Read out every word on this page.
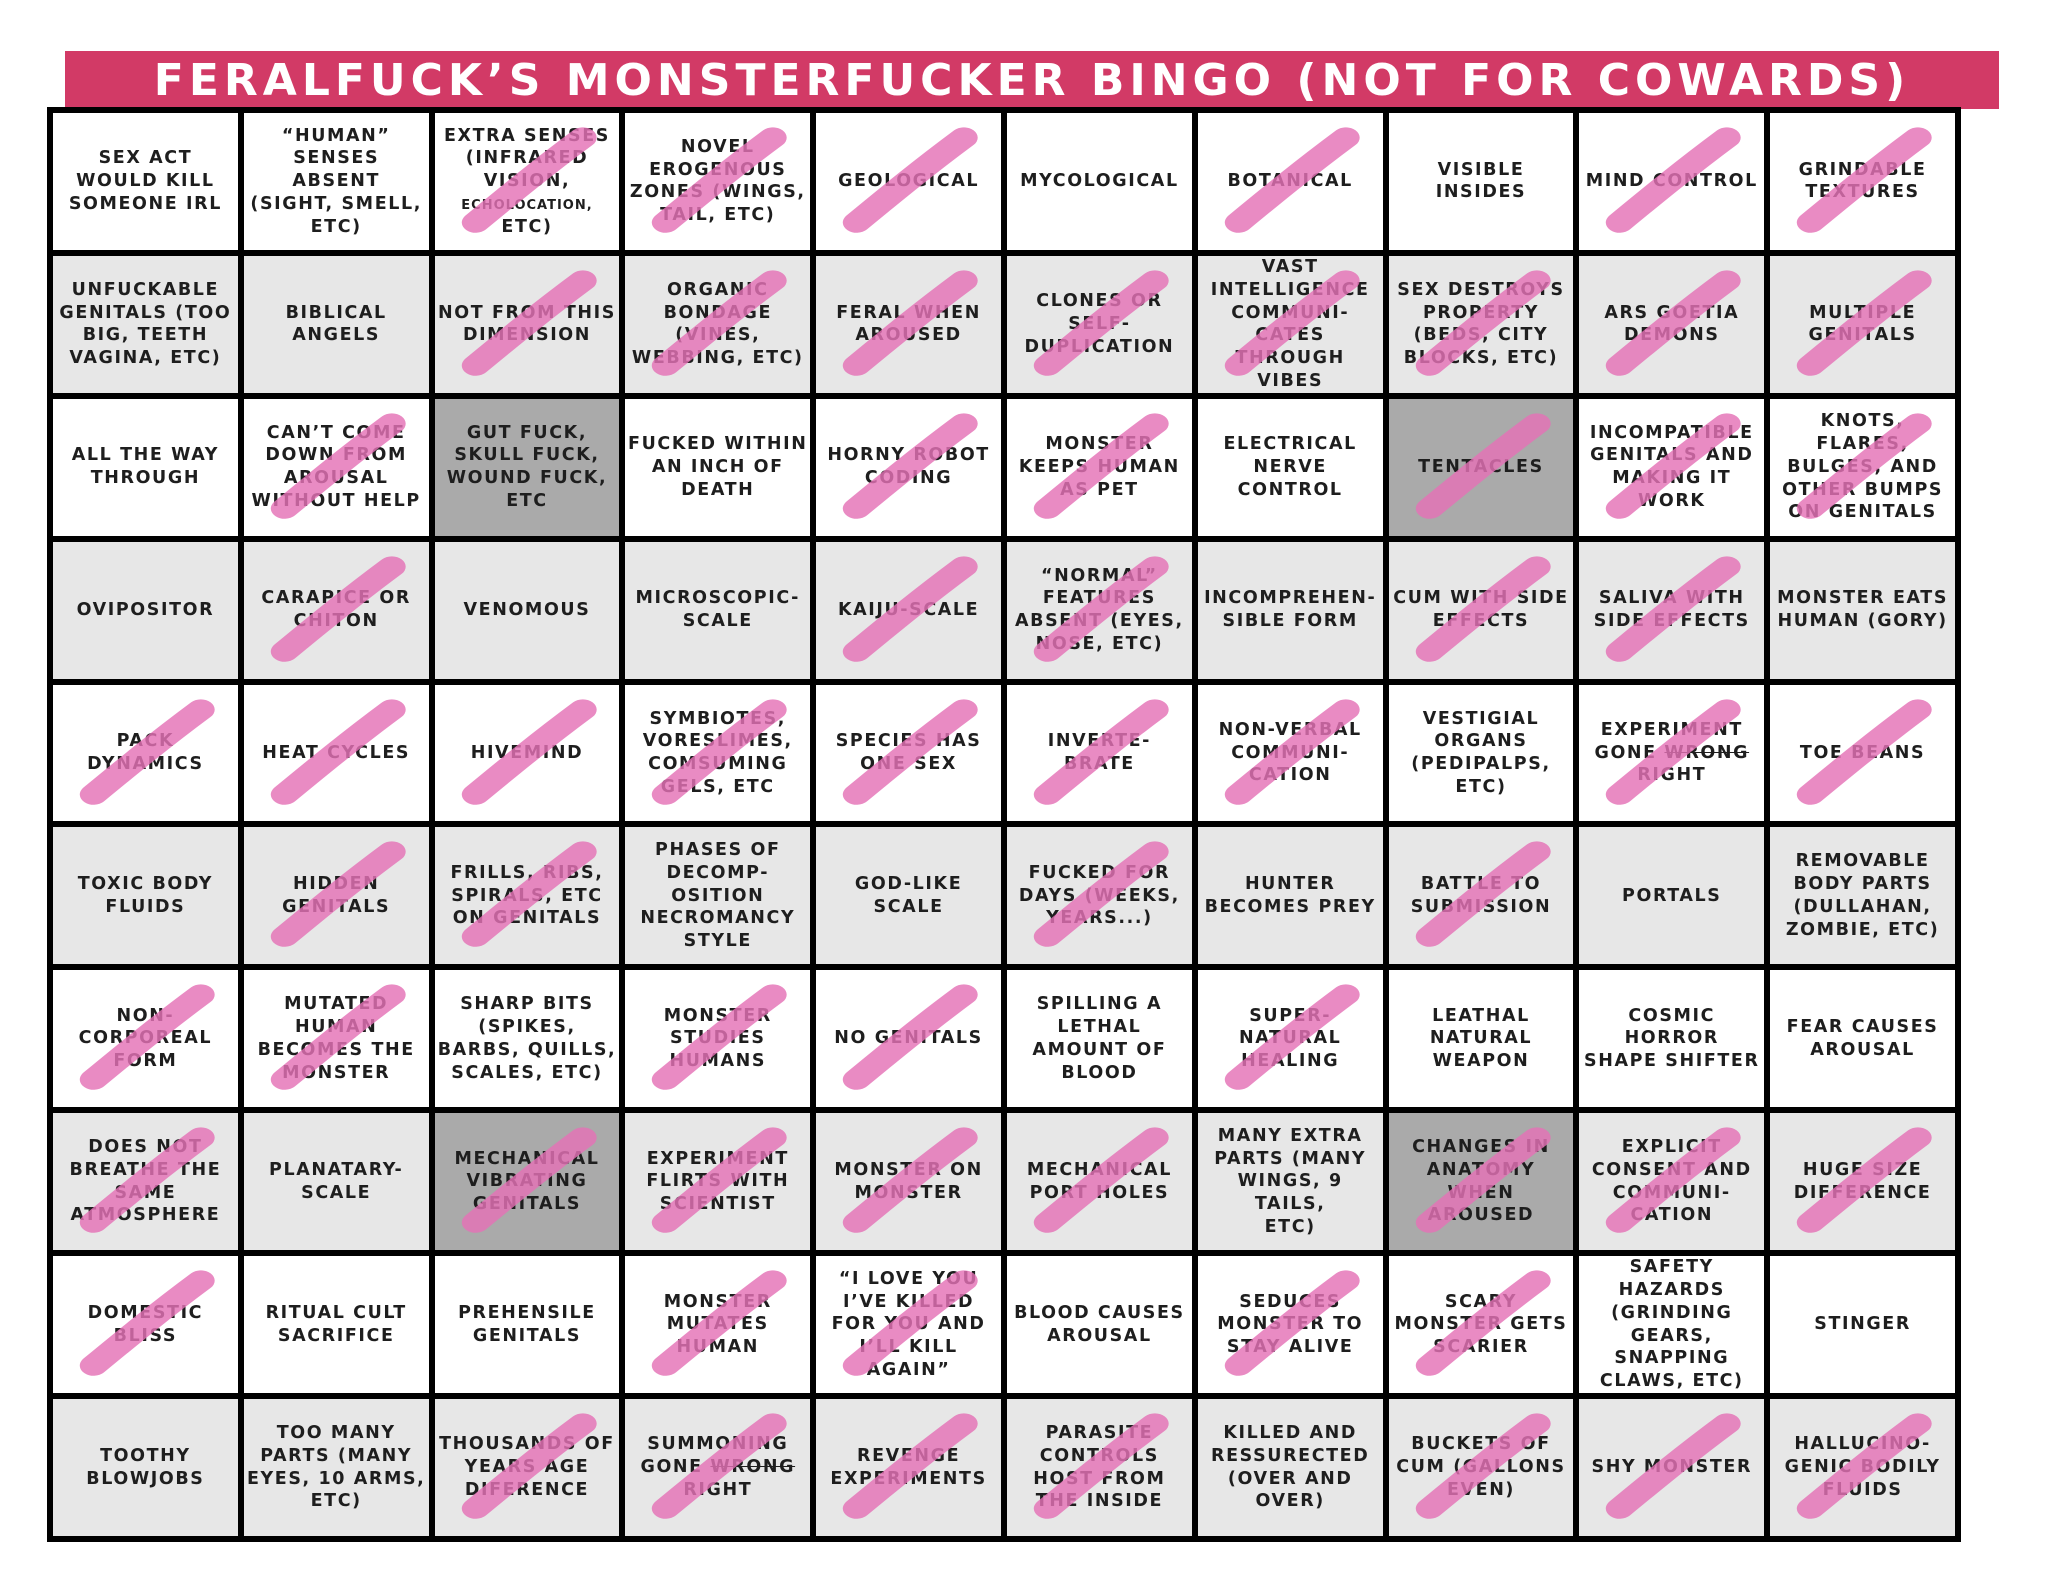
FERALFUCK’S MONSTERFUCKER BINGO (NOT FOR COWARDS)
SEX ACT
WOULD KILL
SOMEONE IRL
“HUMAN”
SENSES
ABSENT
(SIGHT, SMELL,
ETC)
EXTRA SENSES
(INFRARED
VISION,
ECHOLOCATION,
ETC)
NOVEL
EROGENOUS
ZONES (WINGS,
TAIL, ETC)
GEOLOGICAL MYCOLOGICAL	BOTANICAL
VISIBLE
INSIDES
MIND CONTROL
GRINDABLE
TEXTURES
UNFUCKABLE
GENITALS (TOO
BIG, TEETH
VAGINA, ETC)
BIBLICAL
ANGELS
NOT FROM THIS
DIMENSION
ORGANIC
BONDAGE
(VINES,
WEBBING, ETC)
FERAL WHEN
AROUSED
CLONES OR
SELF-
DUPLICATION
VAST
INTELLIGENCE
COMMUNI-
CATES
THROUGH
VIBES
SEX DESTROYS
PROPERTY
(BEDS, CITY
BLOCKS, ETC)
ARS GOETIA
DEMONS
MULTIPLE
GENITALS
ALL THE WAY
THROUGH
CAN’T COME
DOWN FROM
AROUSAL
WITHOUT HELP
GUT FUCK,
SKULL FUCK,
WOUND FUCK,
ETC
FUCKED WITHIN
AN INCH OF
DEATH
HORNY ROBOT
CODING
MONSTER
KEEPS HUMAN
AS PET
ELECTRICAL
NERVE
CONTROL
TENTACLES
INCOMPATIBLE
GENITALS AND
MAKING IT
WORK
KNOTS,
FLARES,
BULGES, AND
OTHER BUMPS
ON GENITALS
OVIPOSITOR
CARAPICE OR
CHITON
VENOMOUS
MICROSCOPIC-
SCALE
KAIJU-SCALE
“NORMAL”
FEATURES
ABSENT (EYES,
NOSE, ETC)
INCOMPREHEN-
SIBLE FORM
CUM WITH SIDE
EFFECTS
SALIVA WITH
SIDE EFFECTS
MONSTER EATS
HUMAN (GORY)
PACK
DYNAMICS
HEAT CYCLES	HIVEMIND
SYMBIOTES,
VORESLIMES,
COMSUMING
GELS, ETC
SPECIES HAS
ONE SEX
INVERTE-
BRATE
NON-VERBAL
COMMUNI-
CATION
VESTIGIAL
ORGANS
(PEDIPALPS,
ETC)
EXPERIMENT
GONE WRONG
RIGHT
TOE BEANS
TOXIC BODY
FLUIDS
HIDDEN
GENITALS
FRILLS, RIBS,
SPIRALS, ETC
ON GENITALS
PHASES OF
DECOMP-
OSITION
NECROMANCY
STYLE
GOD-LIKE
SCALE
FUCKED FOR
DAYS (WEEKS,
YEARS...)
HUNTER
BECOMES PREY
BATTLE TO
SUBMISSION
PORTALS
REMOVABLE
BODY PARTS
(DULLAHAN,
ZOMBIE, ETC)
NON-
CORPOREAL
FORM
MUTATED
HUMAN
BECOMES THE
MONSTER
SHARP BITS
(SPIKES,
BARBS, QUILLS,
SCALES, ETC)
MONSTER
STUDIES
HUMANS
NO GENITALS
SPILLING A
LETHAL
AMOUNT OF
BLOOD
SUPER-
NATURAL
HEALING
LEATHAL
NATURAL
WEAPON
COSMIC
HORROR
SHAPE SHIFTER
FEAR CAUSES
AROUSAL
DOES NOT
BREATHE THE
SAME
ATMOSPHERE
PLANATARY-
SCALE
MECHANICAL
VIBRATING
GENITALS
EXPERIMENT
FLIRTS WITH
SCIENTIST
MONSTER ON
MONSTER
MECHANICAL
PORT HOLES
MANY EXTRA
PARTS (MANY
WINGS, 9 TAILS,
ETC)
CHANGES IN
ANATOMY
WHEN
AROUSED
EXPLICIT
CONSENT AND
COMMUNI-
CATION
HUGE SIZE
DIFFERENCE
DOMESTIC
BLISS
RITUAL CULT
SACRIFICE
PREHENSILE
GENITALS
MONSTER
MUTATES
HUMAN
“I LOVE YOU
I’VE KILLED
FOR YOU AND
I’LL KILL
AGAIN”
BLOOD CAUSES
AROUSAL
SEDUCES
MONSTER TO
STAY ALIVE
SCARY
MONSTER GETS
SCARIER
SAFETY
HAZARDS
(GRINDING
GEARS,
SNAPPING
CLAWS, ETC)
STINGER
TOOTHY
BLOWJOBS
TOO MANY
PARTS (MANY
EYES, 10 ARMS,
ETC)
THOUSANDS OF
YEARS AGE
DIFERENCE
SUMMONING
GONE WRONG
RIGHT
REVENGE
EXPERIMENTS
PARASITE
CONTROLS
HOST FROM
THE INSIDE
KILLED AND
RESSURECTED
(OVER AND
OVER)
BUCKETS OF
CUM (GALLONS
EVEN)
SHY MONSTER
HALLUCINO-
GENIC BODILY
FLUIDS
